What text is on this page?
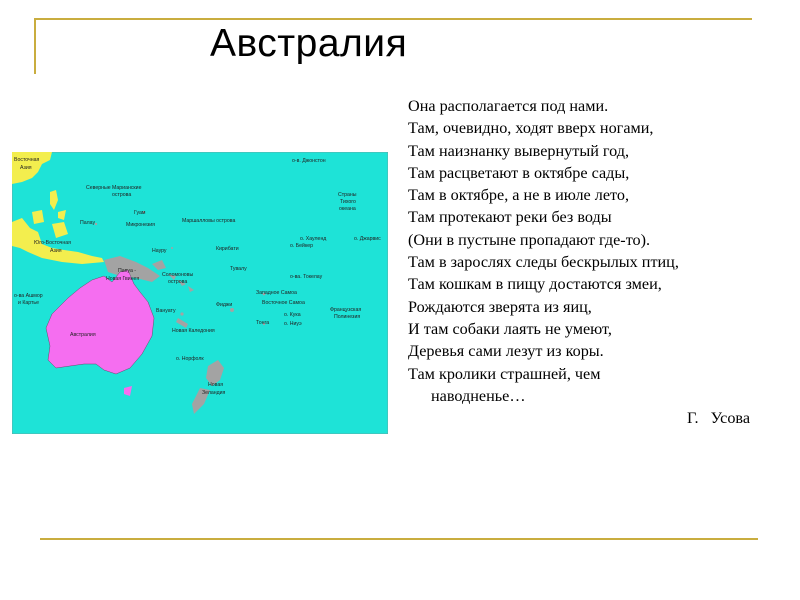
Австралия
Восточная
Азия
Юго-Восточная
Азия
Северные Марианские
острова
Гуам
Микронезия
Палау	Маршалловы острова
Науру	Кирибати
Папуа -
Новая Гвинея
Соломоновы
острова
Тувалу
Вануату
Фиджи
Западное Самоа
Восточное Самоа
Новая Каледония
Тонга
о. Кука
о. Ниуэ
Французская
Полинезия
о. Норфолк
о-ва Ашмор
и Картье
Австралия
Новая
Зеландия
о-в. Джонстон
Страны
Тихого
океана
о. Хауленд
о. Бейкер
о. Джарвис
о-ва. Токелау
Она располагается под нами.
Там, очевидно, ходят вверх ногами,
Там наизнанку вывернутый год,
Там расцветают в октябре сады,
Там в октябре, а не в июле лето,
Там протекают реки без воды
(Они в пустыне пропадают где-то).
Там в зарослях следы бескрылых птиц,
Там кошкам в пищу достаются змеи,
Рождаются зверята из яиц,
И там собаки лаять не умеют,
Деревья сами лезут из коры.
Там кролики страшней, чем
наводненье…
Г. Усова
